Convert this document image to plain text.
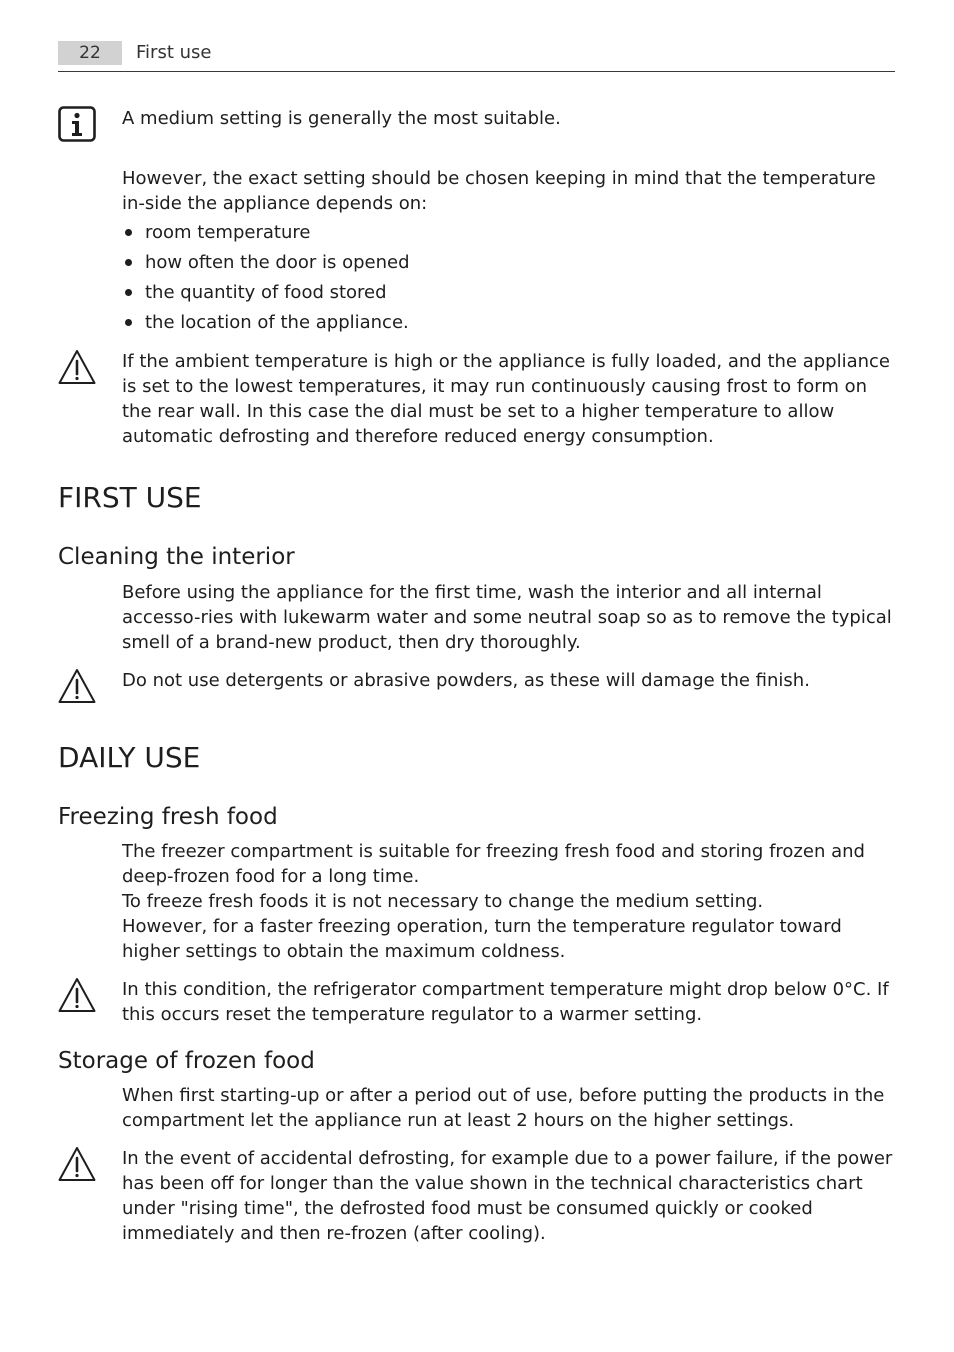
22	First use

A medium setting is generally the most suitable.

However, the exact setting should be chosen keeping in mind that the temperature in-side the appliance depends on:

room temperature
how often the door is opened
the quantity of food stored
the location of the appliance.

If the ambient temperature is high or the appliance is fully loaded, and the appliance is set to the lowest temperatures, it may run continuously causing frost to form on the rear wall. In this case the dial must be set to a higher temperature to allow automatic defrosting and therefore reduced energy consumption.

FIRST USE
Cleaning the interior

Before using the appliance for the first time, wash the interior and all internal accesso-ries with lukewarm water and some neutral soap so as to remove the typical smell of a brand-new product, then dry thoroughly.

Do not use detergents or abrasive powders, as these will damage the finish.

DAILY USE
Freezing fresh food

The freezer compartment is suitable for freezing fresh food and storing frozen and deep-frozen food for a long time.
To freeze fresh foods it is not necessary to change the medium setting.
However, for a faster freezing operation, turn the temperature regulator toward higher settings to obtain the maximum coldness.

In this condition, the refrigerator compartment temperature might drop below 0°C. If this occurs reset the temperature regulator to a warmer setting.

Storage of frozen food

When first starting-up or after a period out of use, before putting the products in the compartment let the appliance run at least 2 hours on the higher settings.

In the event of accidental defrosting, for example due to a power failure, if the power has been off for longer than the value shown in the technical characteristics chart under "rising time", the defrosted food must be consumed quickly or cooked immediately and then re-frozen (after cooling).
